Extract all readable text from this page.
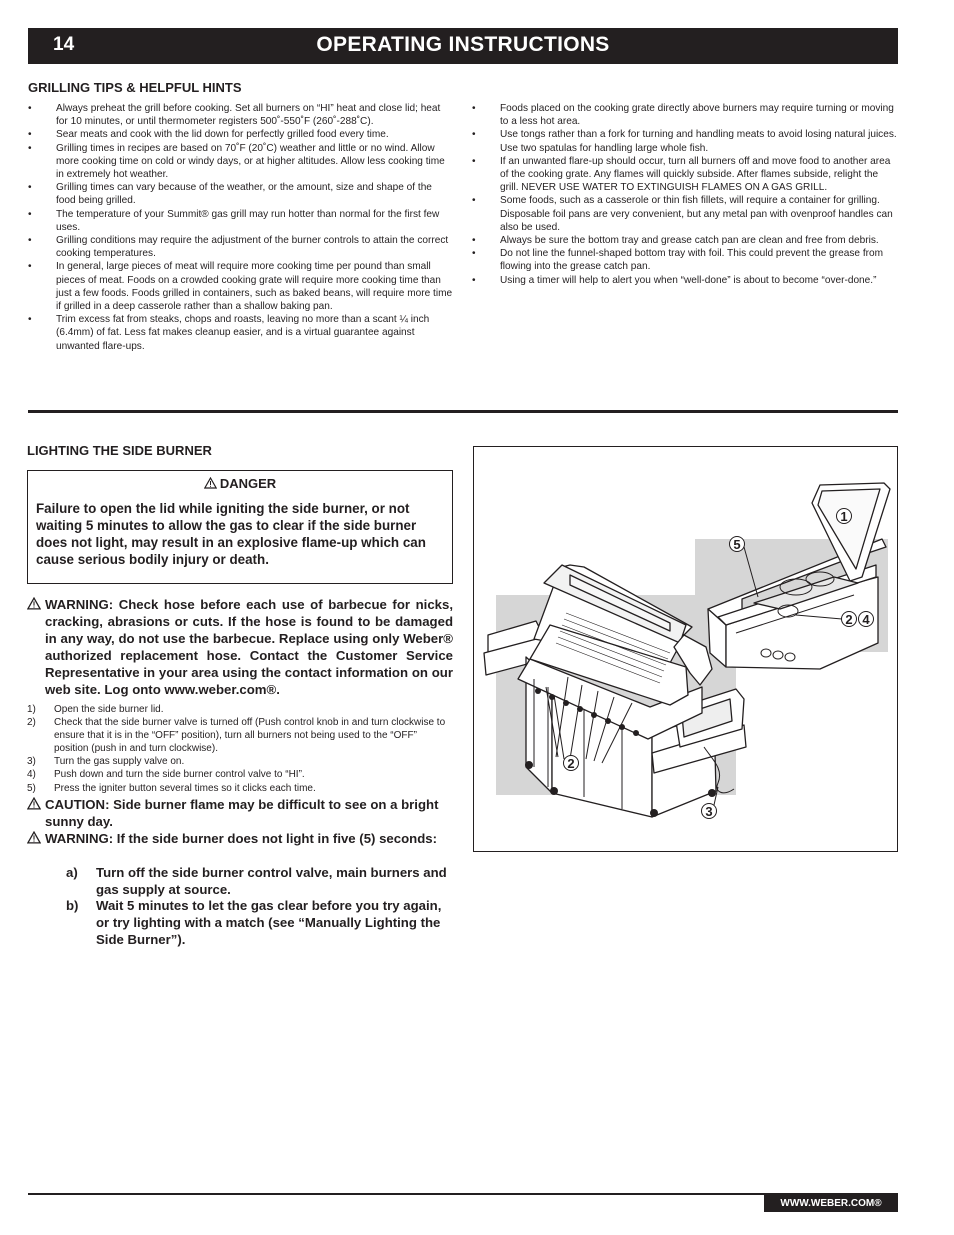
14	OPERATING INSTRUCTIONS
GRILLING TIPS & HELPFUL HINTS
• Always preheat the grill before cooking. Set all burners on “HI” heat and close lid; heat for 10 minutes, or until thermometer registers 500˚-550˚F (260˚-288˚C).
• Sear meats and cook with the lid down for perfectly grilled food every time.
• Grilling times in recipes are based on 70˚F (20˚C) weather and little or no wind. Allow more cooking time on cold or windy days, or at higher altitudes. Allow less cooking time in extremely hot weather.
• Grilling times can vary because of the weather, or the amount, size and shape of the food being grilled.
• The temperature of your Summit® gas grill may run hotter than normal for the first few uses.
• Grilling conditions may require the adjustment of the burner controls to attain the correct cooking temperatures.
• In general, large pieces of meat will require more cooking time per pound than small pieces of meat. Foods on a crowded cooking grate will require more cooking time than just a few foods. Foods grilled in containers, such as baked beans, will require more time if grilled in a deep casserole rather than a shallow baking pan.
• Trim excess fat from steaks, chops and roasts, leaving no more than a scant ¼ inch (6.4mm) of fat. Less fat makes cleanup easier, and is a virtual guarantee against unwanted flare-ups.
• Foods placed on the cooking grate directly above burners may require turning or moving to a less hot area.
• Use tongs rather than a fork for turning and handling meats to avoid losing natural juices. Use two spatulas for handling large whole fish.
• If an unwanted flare-up should occur, turn all burners off and move food to another area of the cooking grate. Any flames will quickly subside. After flames subside, relight the grill. NEVER USE WATER TO EXTINGUISH FLAMES ON A GAS GRILL.
• Some foods, such as a casserole or thin fish fillets, will require a container for grilling. Disposable foil pans are very convenient, but any metal pan with ovenproof handles can also be used.
• Always be sure the bottom tray and grease catch pan are clean and free from debris.
• Do not line the funnel-shaped bottom tray with foil. This could prevent the grease from flowing into the grease catch pan.
• Using a timer will help to alert you when “well-done” is about to become “over-done.”
LIGHTING THE SIDE BURNER
DANGER
Failure to open the lid while igniting the side burner, or not waiting 5 minutes to allow the gas to clear if the side burner does not light, may result in an explosive flame-up which can cause serious bodily injury or death.
WARNING: Check hose before each use of barbecue for nicks, cracking, abrasions or cuts. If the hose is found to be damaged in any way, do not use the barbecue. Replace using only Weber® authorized replacement hose. Contact the Customer Service Representative in your area using the contact information on our web site. Log onto www.weber.com®.
1) Open the side burner lid.
2) Check that the side burner valve is turned off (Push control knob in and turn clockwise to ensure that it is in the “OFF” position), turn all burners not being used to the “OFF” position (push in and turn clockwise).
3) Turn the gas supply valve on.
4) Push down and turn the side burner control valve to “HI”.
5) Press the igniter button several times so it clicks each time.
CAUTION: Side burner flame may be difficult to see on a bright sunny day.
WARNING: If the side burner does not light in five (5) seconds:
a) Turn off the side burner control valve, main burners and gas supply at source.
b) Wait 5 minutes to let the gas clear before you try again, or try lighting with a match (see “Manually Lighting the Side Burner”).
1
5
2 4
2
3
WWW.WEBER.COM®
